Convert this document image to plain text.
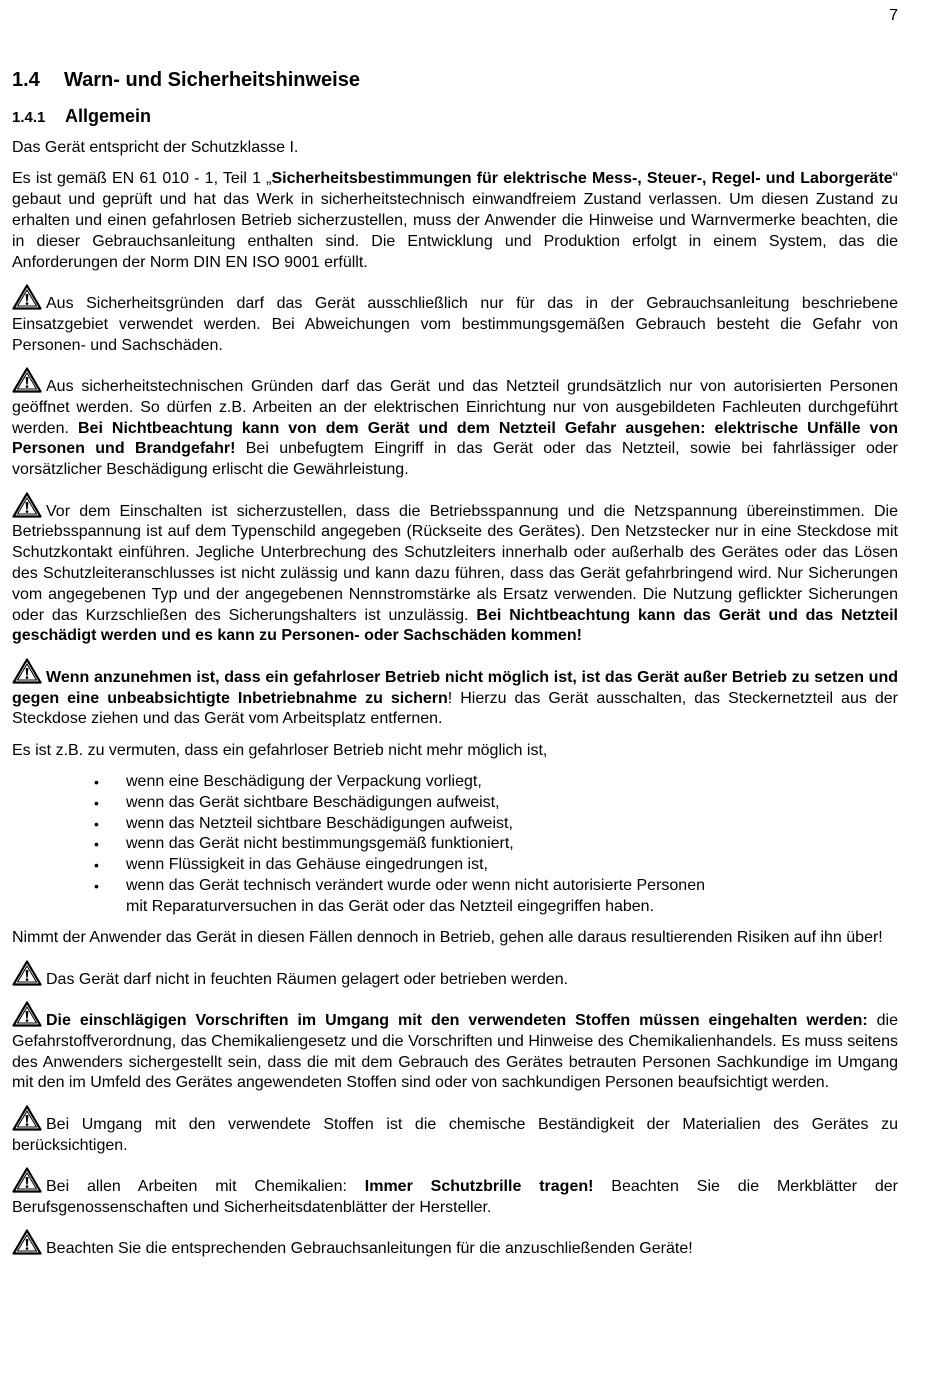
7
1.4 Warn- und Sicherheitshinweise
1.4.1 Allgemein

Das Gerät entspricht der Schutzklasse I.

Es ist gemäß EN 61 010 - 1, Teil 1 „Sicherheitsbestimmungen für elektrische Mess-, Steuer-, Regel- und Laborgeräte“ gebaut und geprüft und hat das Werk in sicherheitstechnisch einwandfreiem Zustand verlassen. Um diesen Zustand zu erhalten und einen gefahrlosen Betrieb sicherzustellen, muss der Anwender die Hinweise und Warnvermerke beachten, die in dieser Gebrauchsanleitung enthalten sind. Die Entwicklung und Produktion erfolgt in einem System, das die Anforderungen der Norm DIN EN ISO 9001 erfüllt.

Aus Sicherheitsgründen darf das Gerät ausschließlich nur für das in der Gebrauchsanleitung beschriebene Einsatzgebiet verwendet werden. Bei Abweichungen vom bestimmungsgemäßen Gebrauch besteht die Gefahr von Personen- und Sachschäden.

Aus sicherheitstechnischen Gründen darf das Gerät und das Netzteil grundsätzlich nur von autorisierten Personen geöffnet werden. So dürfen z.B. Arbeiten an der elektrischen Einrichtung nur von ausgebildeten Fachleuten durchgeführt werden. Bei Nichtbeachtung kann von dem Gerät und dem Netzteil Gefahr ausgehen: elektrische Unfälle von Personen und Brandgefahr! Bei unbefugtem Eingriff in das Gerät oder das Netzteil, sowie bei fahrlässiger oder vorsätzlicher Beschädigung erlischt die Gewährleistung.

Vor dem Einschalten ist sicherzustellen, dass die Betriebsspannung und die Netzspannung übereinstimmen. Die Betriebsspannung ist auf dem Typenschild angegeben (Rückseite des Gerätes). Den Netzstecker nur in eine Steckdose mit Schutzkontakt einführen. Jegliche Unterbrechung des Schutzleiters innerhalb oder außerhalb des Gerätes oder das Lösen des Schutzleiteranschlusses ist nicht zulässig und kann dazu führen, dass das Gerät gefahrbringend wird. Nur Sicherungen vom angegebenen Typ und der angegebenen Nennstromstärke als Ersatz verwenden. Die Nutzung geflickter Sicherungen oder das Kurzschließen des Sicherungshalters ist unzulässig. Bei Nichtbeachtung kann das Gerät und das Netzteil geschädigt werden und es kann zu Personen- oder Sachschäden kommen!

Wenn anzunehmen ist, dass ein gefahrloser Betrieb nicht möglich ist, ist das Gerät außer Betrieb zu setzen und gegen eine unbeabsichtigte Inbetriebnahme zu sichern! Hierzu das Gerät ausschalten, das Steckernetzteil aus der Steckdose ziehen und das Gerät vom Arbeitsplatz entfernen.

Es ist z.B. zu vermuten, dass ein gefahrloser Betrieb nicht mehr möglich ist,

• wenn eine Beschädigung der Verpackung vorliegt,
• wenn das Gerät sichtbare Beschädigungen aufweist,
• wenn das Netzteil sichtbare Beschädigungen aufweist,
• wenn das Gerät nicht bestimmungsgemäß funktioniert,
• wenn Flüssigkeit in das Gehäuse eingedrungen ist,
• wenn das Gerät technisch verändert wurde oder wenn nicht autorisierte Personen
mit Reparaturversuchen in das Gerät oder das Netzteil eingegriffen haben.

Nimmt der Anwender das Gerät in diesen Fällen dennoch in Betrieb, gehen alle daraus resultierenden Risiken auf ihn über!

Das Gerät darf nicht in feuchten Räumen gelagert oder betrieben werden.

Die einschlägigen Vorschriften im Umgang mit den verwendeten Stoffen müssen eingehalten werden: die Gefahrstoffverordnung, das Chemikaliengesetz und die Vorschriften und Hinweise des Chemikalienhandels. Es muss seitens des Anwenders sichergestellt sein, dass die mit dem Gebrauch des Gerätes betrauten Personen Sachkundige im Umgang mit den im Umfeld des Gerätes angewendeten Stoffen sind oder von sachkundigen Personen beaufsichtigt werden.

Bei Umgang mit den verwendete Stoffen ist die chemische Beständigkeit der Materialien des Gerätes zu berücksichtigen.

Bei allen Arbeiten mit Chemikalien: Immer Schutzbrille tragen! Beachten Sie die Merkblätter der Berufsgenossenschaften und Sicherheitsdatenblätter der Hersteller.

Beachten Sie die entsprechenden Gebrauchsanleitungen für die anzuschließenden Geräte!
